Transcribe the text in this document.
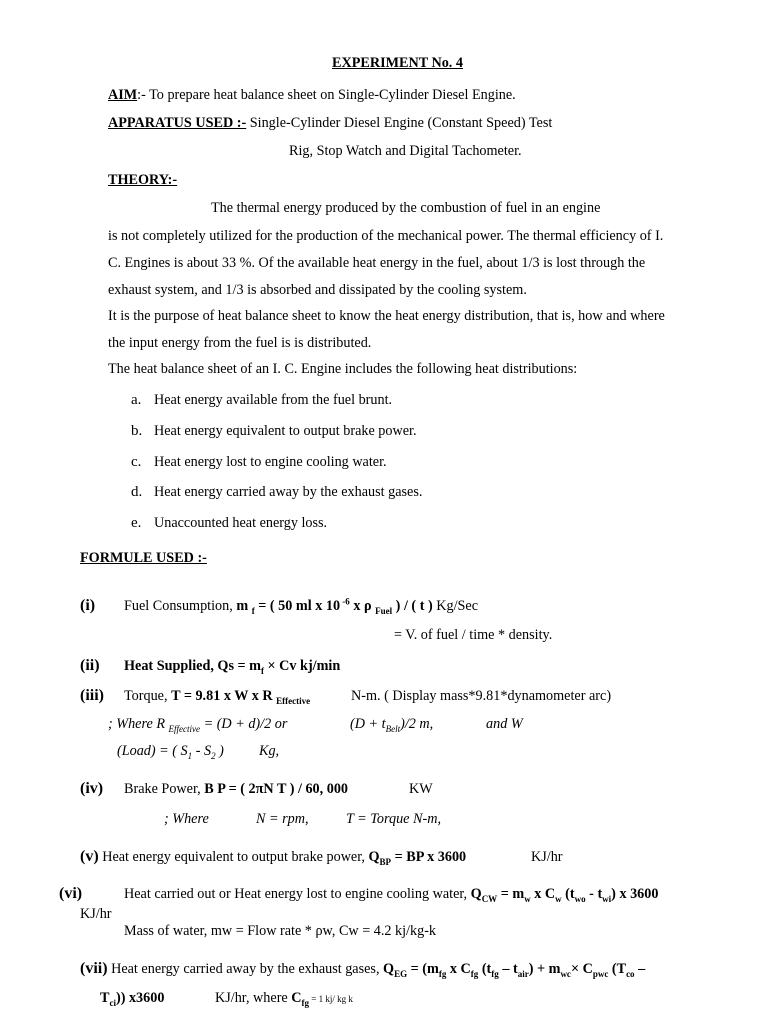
EXPERIMENT No. 4
AIM:- To prepare heat balance sheet on Single-Cylinder Diesel Engine.
APPARATUS USED :- Single-Cylinder Diesel Engine (Constant Speed) Test
Rig, Stop Watch and Digital Tachometer.
THEORY:-
The thermal energy produced by the combustion of fuel in an engine
is not completely utilized for the production of the mechanical power. The thermal efficiency of I.
C. Engines is about 33 %. Of the available heat energy in the fuel, about 1/3 is lost through the
exhaust system, and 1/3 is absorbed and dissipated by the cooling system.
It is the purpose of heat balance sheet to know the heat energy distribution, that is, how and where
the input energy from the fuel is is distributed.
The heat balance sheet of an I. C. Engine includes the following heat distributions:
a. Heat energy available from the fuel brunt.
b. Heat energy equivalent to output brake power.
c. Heat energy lost to engine cooling water.
d. Heat energy carried away by the exhaust gases.
e. Unaccounted heat energy loss.
FORMULE USED :-
(i) Fuel Consumption, m $_f$ = ( 50 ml x 10 $^{-6}$ x ρ $_{Fuel}$ ) / ( t ) Kg/Sec
= V. of fuel / time * density.
(ii) Heat Supplied, $Qs = m_f \times Cv$ kj/min
(iii) Torque, T = 9.81 x W x R $_{Effective}$	N-m. ( Display mass*9.81*dynamometer arc)
; Where R $_{Effective}$ = (D + d)/2 or	$(D + t_{Belt})/2$ m,	and W
(Load) = ( $S_1 - S_2$ ) Kg,
(iv) Brake Power, B P = ( 2πN T ) / 60, 000	KW
; Where	N = rpm,	T = Torque N-m,
(v) Heat energy equivalent to output brake power, $Q_{BP}$ = BP x 3600	KJ/hr
(vi)	Heat carried out or Heat energy lost to engine cooling water, $Q_{CW} = m_w$ x $C_w$ $(t_{wo} - t_{wi})$ x 3600
KJ/hr
Mass of water, mw = Flow rate * ρw, Cw = 4.2 kj/kg-k
(vii) Heat energy carried away by the exhaust gases, $Q_{EG} = (m_{fg}$ x $C_{fg}$ $(t_{fg} - t_{air}) + m_{wc}\times C_{pwc}$ ($T_{co}$ –
$T_{ci}$)) x3600	KJ/hr, where $C_{fg} = 1$ kj/ kg k
